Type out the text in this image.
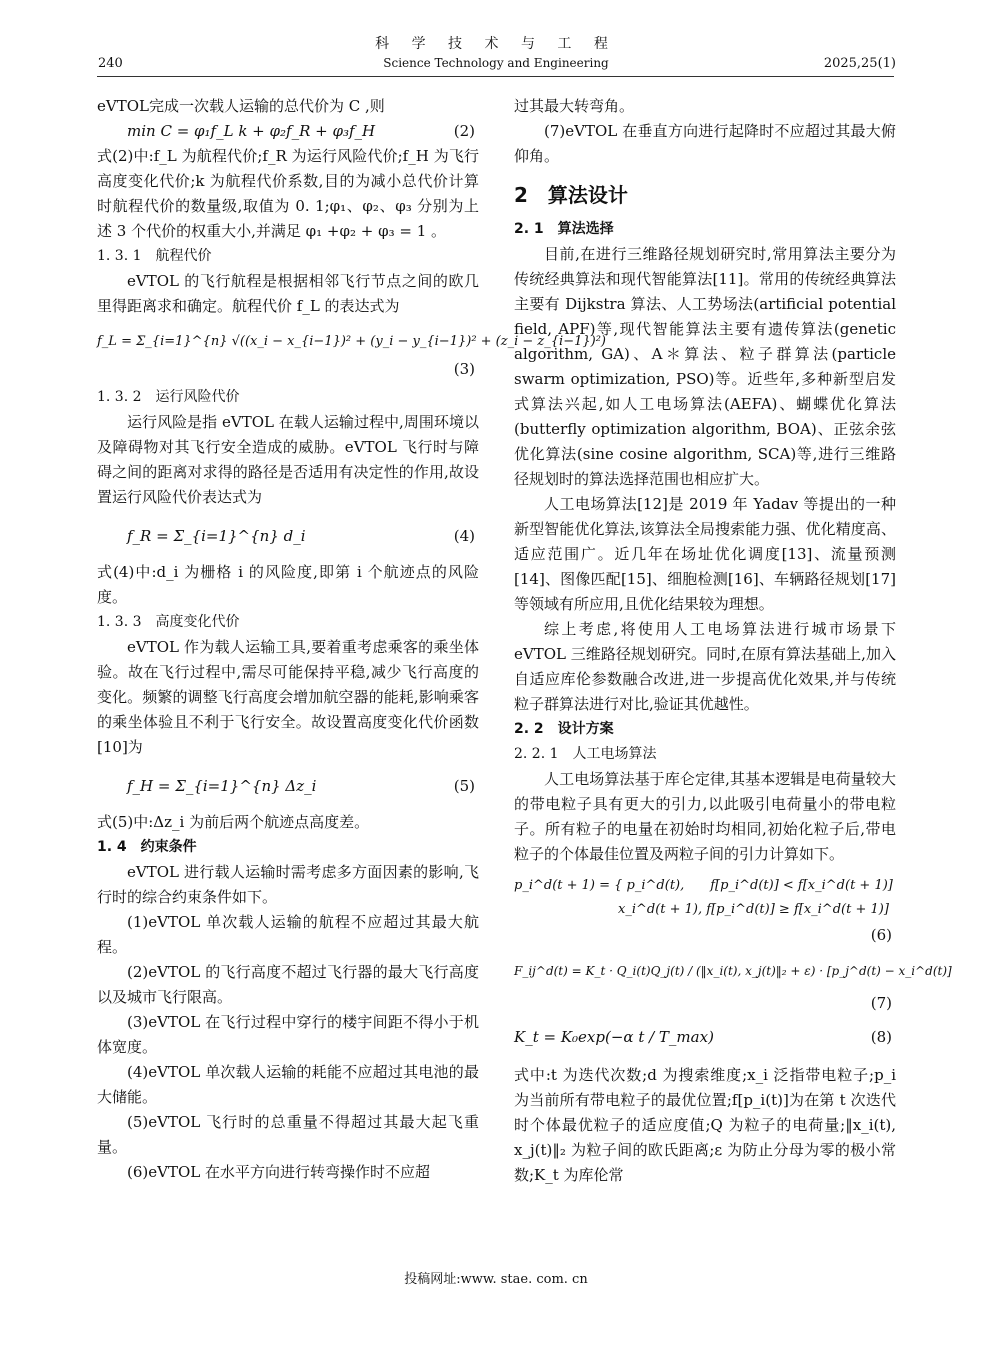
科 学 技 术 与 工 程
240	Science Technology and Engineering	2025,25(1)

eVTOL完成一次载人运输的总代价为 C ,则

min C = φ₁f_L k + φ₂f_R + φ₃f_H	(2)

式(2)中:f_L 为航程代价;f_R 为运行风险代价;f_H 为飞行高度变化代价;k 为航程代价系数,目的为减小总代价计算时航程代价的数量级,取值为 0. 1;φ₁、φ₂、φ₃ 分别为上述 3 个代价的权重大小,并满足 φ₁ +φ₂ + φ₃ = 1 。

1. 3. 1　航程代价

eVTOL 的飞行航程是根据相邻飞行节点之间的欧几里得距离求和确定。航程代价 f_L 的表达式为

f_L = Σ_{i=1}^{n} √((x_i − x_{i−1})² + (y_i − y_{i−1})² + (z_i − z_{i−1})²)
(3)

1. 3. 2　运行风险代价

运行风险是指 eVTOL 在载人运输过程中,周围环境以及障碍物对其飞行安全造成的威胁。eVTOL 飞行时与障碍之间的距离对求得的路径是否适用有决定性的作用,故设置运行风险代价表达式为

f_R = Σ_{i=1}^{n} d_i	(4)

式(4)中:d_i 为栅格 i 的风险度,即第 i 个航迹点的风险度。

1. 3. 3　高度变化代价

eVTOL 作为载人运输工具,要着重考虑乘客的乘坐体验。故在飞行过程中,需尽可能保持平稳,减少飞行高度的变化。频繁的调整飞行高度会增加航空器的能耗,影响乘客的乘坐体验且不利于飞行安全。故设置高度变化代价函数[10]为

f_H = Σ_{i=1}^{n} Δz_i	(5)

式(5)中:Δz_i 为前后两个航迹点高度差。

1. 4　约束条件

eVTOL 进行载人运输时需考虑多方面因素的影响,飞行时的综合约束条件如下。

(1)eVTOL 单次载人运输的航程不应超过其最大航程。

(2)eVTOL 的飞行高度不超过飞行器的最大飞行高度以及城市飞行限高。

(3)eVTOL 在飞行过程中穿行的楼宇间距不得小于机体宽度。

(4)eVTOL 单次载人运输的耗能不应超过其电池的最大储能。

(5)eVTOL 飞行时的总重量不得超过其最大起飞重量。

(6)eVTOL 在水平方向进行转弯操作时不应超

过其最大转弯角。

(7)eVTOL 在垂直方向进行起降时不应超过其最大俯仰角。

2　算法设计

2. 1　算法选择

目前,在进行三维路径规划研究时,常用算法主要分为传统经典算法和现代智能算法[11]。常用的传统经典算法主要有 Dijkstra 算法、人工势场法(artificial potential field, APF)等,现代智能算法主要有遗传算法(genetic algorithm, GA)、A＊算法、粒子群算法(particle swarm optimization, PSO)等。近些年,多种新型启发式算法兴起,如人工电场算法(AEFA)、蝴蝶优化算法(butterfly optimization algorithm, BOA)、正弦余弦优化算法(sine cosine algorithm, SCA)等,进行三维路径规划时的算法选择范围也相应扩大。

人工电场算法[12]是 2019 年 Yadav 等提出的一种新型智能优化算法,该算法全局搜索能力强、优化精度高、适应范围广。近几年在场址优化调度[13]、流量预测[14]、图像匹配[15]、细胞检测[16]、车辆路径规划[17]等领域有所应用,且优化结果较为理想。

综上考虑,将使用人工电场算法进行城市场景下 eVTOL 三维路径规划研究。同时,在原有算法基础上,加入自适应库伦参数融合改进,进一步提高优化效果,并与传统粒子群算法进行对比,验证其优越性。

2. 2　设计方案

2. 2. 1　人工电场算法

人工电场算法基于库仑定律,其基本逻辑是电荷量较大的带电粒子具有更大的引力,以此吸引电荷量小的带电粒子。所有粒子的电量在初始时均相同,初始化粒子后,带电粒子的个体最佳位置及两粒子间的引力计算如下。

p_i^d(t + 1) = { p_i^d(t),　　f[p_i^d(t)] < f[x_i^d(t + 1)]
x_i^d(t + 1), f[p_i^d(t)] ≥ f[x_i^d(t + 1)]
(6)
F_ij^d(t) = K_t · Q_i(t)Q_j(t) / (‖x_i(t), x_j(t)‖₂ + ε) · [p_j^d(t) − x_i^d(t)]
(7)
K_t = K₀exp(−α t / T_max)	(8)

式中:t 为迭代次数;d 为搜索维度;x_i 泛指带电粒子;p_i 为当前所有带电粒子的最优位置;f[p_i(t)]为在第 t 次迭代时个体最优粒子的适应度值;Q 为粒子的电荷量;‖x_i(t), x_j(t)‖₂ 为粒子间的欧氏距离;ε 为防止分母为零的极小常数;K_t 为库伦常

投稿网址:www. stae. com. cn
